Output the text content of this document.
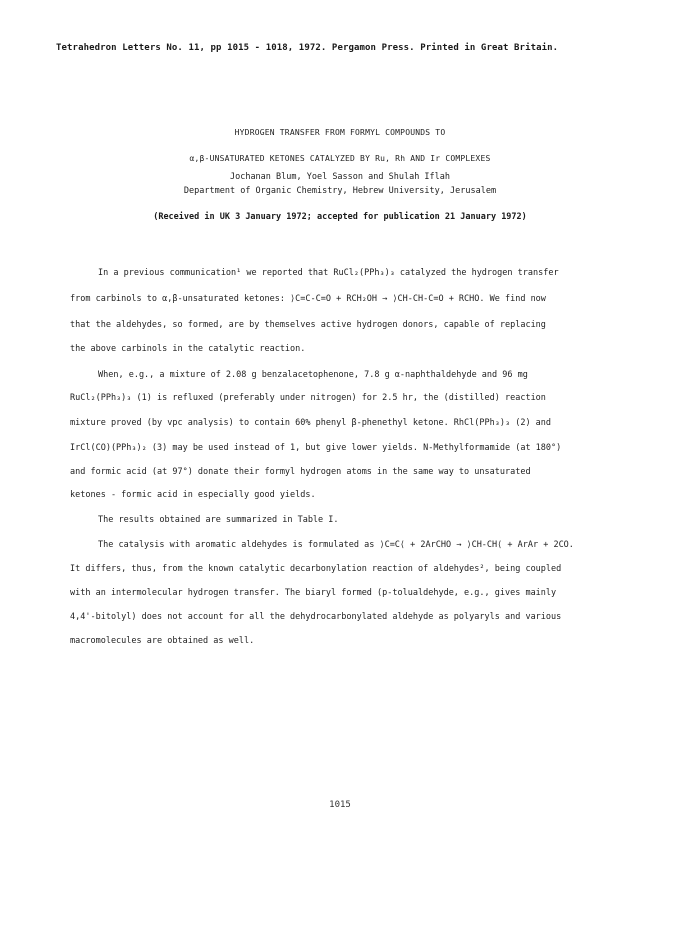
Tetrahedron Letters No. 11, pp 1015 - 1018, 1972. Pergamon Press. Printed in Great Britain.
HYDROGEN TRANSFER FROM FORMYL COMPOUNDS TO
α,β-UNSATURATED KETONES CATALYZED BY Ru, Rh AND Ir COMPLEXES
Jochanan Blum, Yoel Sasson and Shulah Iflah
Department of Organic Chemistry, Hebrew University, Jerusalem
(Received in UK 3 January 1972; accepted for publication 21 January 1972)
In a previous communication¹ we reported that RuCl₂(PPh₃)₃ catalyzed the hydrogen transfer
from carbinols to α,β-unsaturated ketones: ⟩C=C-C=O + RCH₂OH → ⟩CH-CH-C=O + RCHO. We find now
that the aldehydes, so formed, are by themselves active hydrogen donors, capable of replacing
the above carbinols in the catalytic reaction.
When, e.g., a mixture of 2.08 g benzalacetophenone, 7.8 g α-naphthaldehyde and 96 mg
RuCl₂(PPh₃)₃ (1) is refluxed (preferably under nitrogen) for 2.5 hr, the (distilled) reaction
mixture proved (by vpc analysis) to contain 60% phenyl β-phenethyl ketone. RhCl(PPh₃)₃ (2) and
IrCl(CO)(PPh₃)₂ (3) may be used instead of 1, but give lower yields. N-Methylformamide (at 180°)
and formic acid (at 97°) donate their formyl hydrogen atoms in the same way to unsaturated
ketones - formic acid in especially good yields.
The results obtained are summarized in Table I.
The catalysis with aromatic aldehydes is formulated as ⟩C=C⟨ + 2ArCHO → ⟩CH-CH⟨ + ArAr + 2CO.
It differs, thus, from the known catalytic decarbonylation reaction of aldehydes², being coupled
with an intermolecular hydrogen transfer. The biaryl formed (p-tolualdehyde, e.g., gives mainly
4,4'-bitolyl) does not account for all the dehydrocarbonylated aldehyde as polyaryls and various
macromolecules are obtained as well.
1015
